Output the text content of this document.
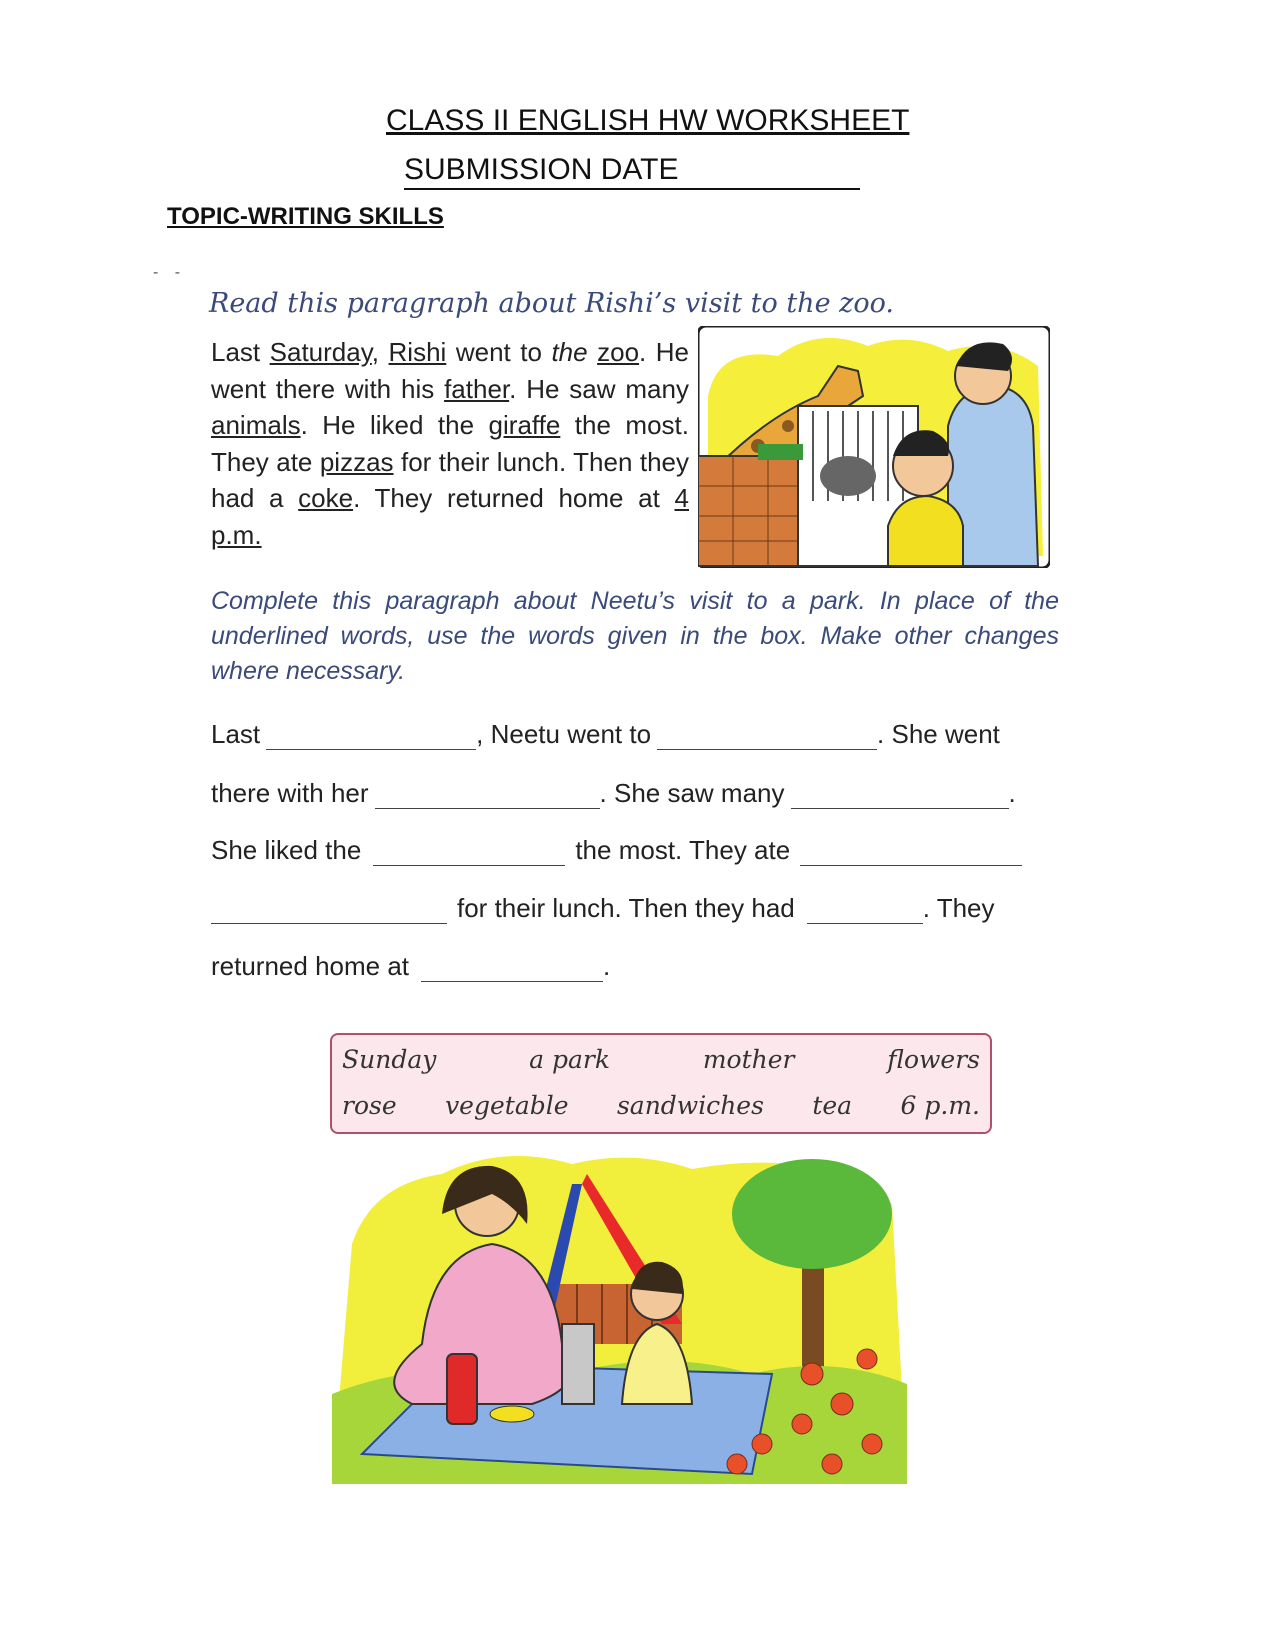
CLASS II ENGLISH HW WORKSHEET
SUBMISSION DATE
TOPIC-WRITING SKILLS
- -
Read this paragraph about Rishi’s visit to the zoo.
Last Saturday, Rishi went to the zoo. He went there with his father. He saw many animals. He liked the giraffe the most. They ate pizzas for their lunch. Then they had a coke. They returned home at 4 p.m.
Complete this paragraph about Neetu’s visit to a park. In place of the underlined words, use the words given in the box. Make other changes where necessary.
Last	, Neetu went to	. She went
there with her	. She saw many	.
She liked the	the most. They ate
for their lunch. Then they had	. They
returned home at	.
Sunday	a park	mother	flowers
rose vegetable sandwiches tea 6 p.m.
